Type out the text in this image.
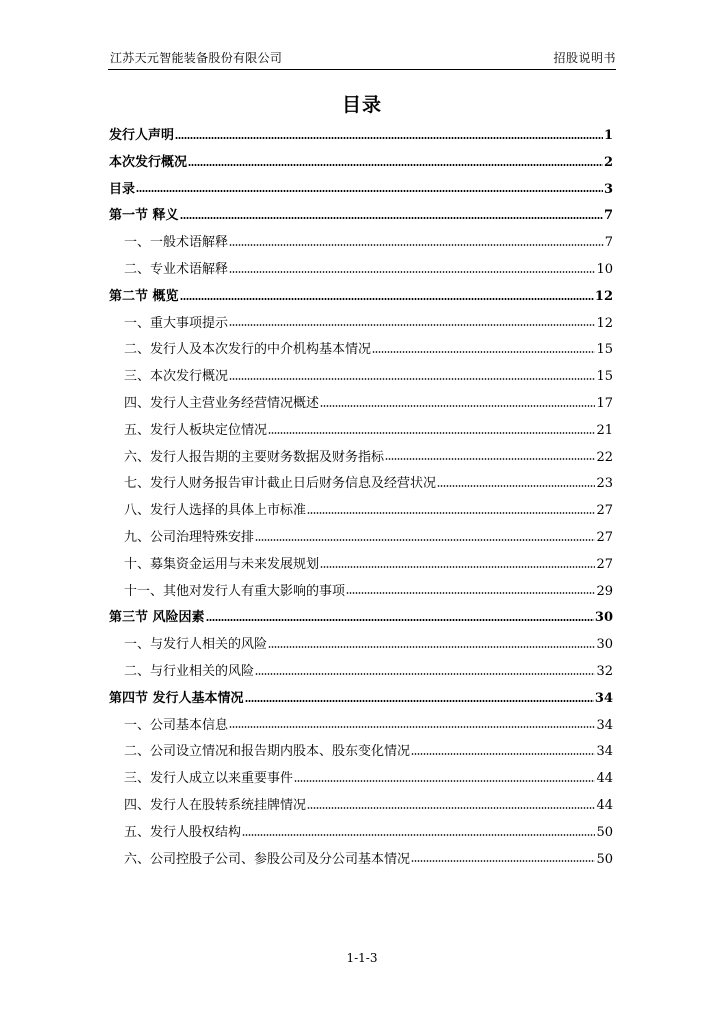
江苏天元智能装备股份有限公司	招股说明书
目录
发行人声明	1
本次发行概况	2
目录	3
第一节 释义	7
一、一般术语解释	7
二、专业术语解释	10
第二节 概览	12
一、重大事项提示	12
二、发行人及本次发行的中介机构基本情况	15
三、本次发行概况	15
四、发行人主营业务经营情况概述	17
五、发行人板块定位情况	21
六、发行人报告期的主要财务数据及财务指标	22
七、发行人财务报告审计截止日后财务信息及经营状况	23
八、发行人选择的具体上市标准	27
九、公司治理特殊安排	27
十、募集资金运用与未来发展规划	27
十一、其他对发行人有重大影响的事项	29
第三节 风险因素	30
一、与发行人相关的风险	30
二、与行业相关的风险	32
第四节 发行人基本情况	34
一、公司基本信息	34
二、公司设立情况和报告期内股本、股东变化情况	34
三、发行人成立以来重要事件	44
四、发行人在股转系统挂牌情况	44
五、发行人股权结构	50
六、公司控股子公司、参股公司及分公司基本情况	50
1-1-3
